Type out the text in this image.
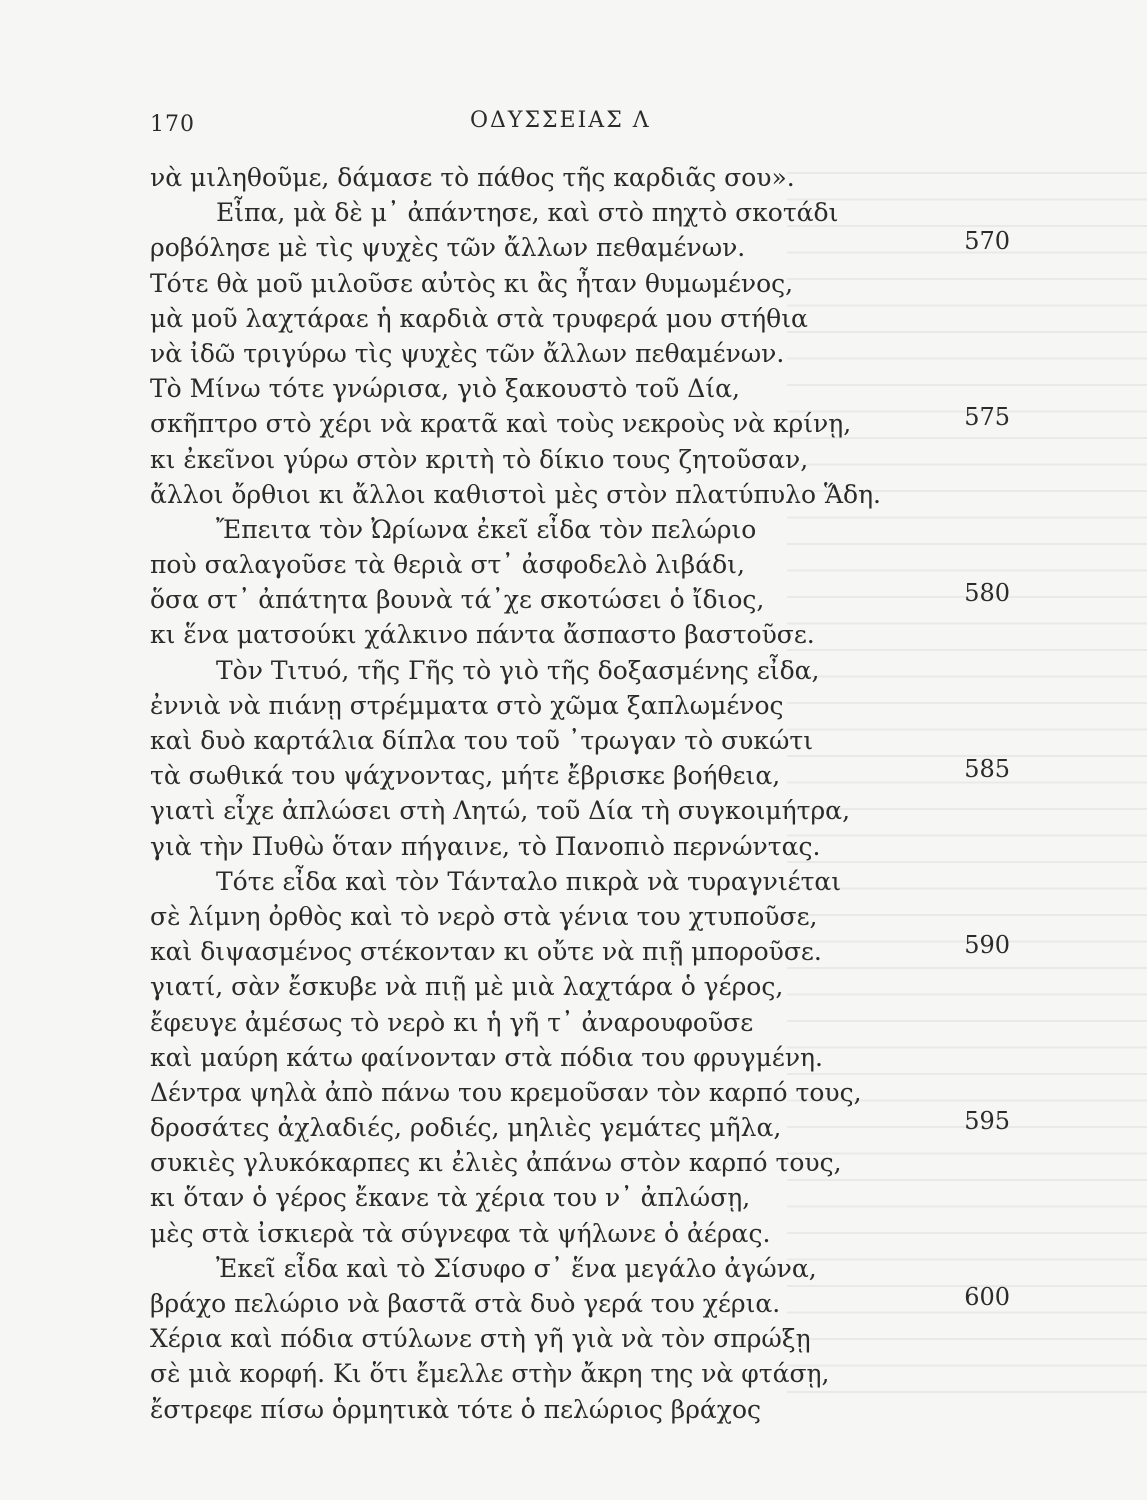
170	ΟΔΥΣΣΕΙΑΣ Λ
νὰ μιληθοῦμε, δάμασε τὸ πάθος τῆς καρδιᾶς σου».
Εἶπα, μὰ δὲ μ᾽ ἀπάντησε, καὶ στὸ πηχτὸ σκοτάδι
ροβόλησε μὲ τὶς ψυχὲς τῶν ἄλλων πεθαμένων.	570
Τότε θὰ μοῦ μιλοῦσε αὐτὸς κι ἂς ἦταν θυμωμένος,
μὰ μοῦ λαχτάραε ἡ καρδιὰ στὰ τρυφερά μου στήθια
νὰ ἰδῶ τριγύρω τὶς ψυχὲς τῶν ἄλλων πεθαμένων.
Τὸ Μίνω τότε γνώρισα, γιὸ ξακουστὸ τοῦ Δία,
σκῆπτρο στὸ χέρι νὰ κρατᾶ καὶ τοὺς νεκροὺς νὰ κρίνῃ,	575
κι ἐκεῖνοι γύρω στὸν κριτὴ τὸ δίκιο τους ζητοῦσαν,
ἄλλοι ὄρθιοι κι ἄλλοι καθιστοὶ μὲς στὸν πλατύπυλο Ἅδη.
Ἔπειτα τὸν Ὠρίωνα ἐκεῖ εἶδα τὸν πελώριο
ποὺ σαλαγοῦσε τὰ θεριὰ στ᾽ ἀσφοδελὸ λιβάδι,
ὅσα στ᾽ ἀπάτητα βουνὰ τά᾽χε σκοτώσει ὁ ἴδιος,	580
κι ἕνα ματσούκι χάλκινο πάντα ἄσπαστο βαστοῦσε.
Τὸν Τιτυό, τῆς Γῆς τὸ γιὸ τῆς δοξασμένης εἶδα,
ἐννιὰ νὰ πιάνῃ στρέμματα στὸ χῶμα ξαπλωμένος
καὶ δυὸ καρτάλια δίπλα του τοῦ ᾽τρωγαν τὸ συκώτι
τὰ σωθικά του ψάχνοντας, μήτε ἔβρισκε βοήθεια,	585
γιατὶ εἶχε ἀπλώσει στὴ Λητώ, τοῦ Δία τὴ συγκοιμήτρα,
γιὰ τὴν Πυθὼ ὅταν πήγαινε, τὸ Πανοπιὸ περνώντας.
Τότε εἶδα καὶ τὸν Τάνταλο πικρὰ νὰ τυραγνιέται
σὲ λίμνη ὀρθὸς καὶ τὸ νερὸ στὰ γένια του χτυποῦσε,
καὶ διψασμένος στέκονταν κι οὔτε νὰ πιῇ μποροῦσε.	590
γιατί, σὰν ἔσκυβε νὰ πιῇ μὲ μιὰ λαχτάρα ὁ γέρος,
ἔφευγε ἀμέσως τὸ νερὸ κι ἡ γῆ τ᾽ ἀναρουφοῦσε
καὶ μαύρη κάτω φαίνονταν στὰ πόδια του φρυγμένη.
Δέντρα ψηλὰ ἀπὸ πάνω του κρεμοῦσαν τὸν καρπό τους,
δροσάτες ἀχλαδιές, ροδιές, μηλιὲς γεμάτες μῆλα,	595
συκιὲς γλυκόκαρπες κι ἐλιὲς ἀπάνω στὸν καρπό τους,
κι ὅταν ὁ γέρος ἔκανε τὰ χέρια του ν᾽ ἀπλώσῃ,
μὲς στὰ ἰσκιερὰ τὰ σύγνεφα τὰ ψήλωνε ὁ ἀέρας.
Ἐκεῖ εἶδα καὶ τὸ Σίσυφο σ᾽ ἕνα μεγάλο ἀγώνα,
βράχο πελώριο νὰ βαστᾶ στὰ δυὸ γερά του χέρια.	600
Χέρια καὶ πόδια στύλωνε στὴ γῆ γιὰ νὰ τὸν σπρώξῃ
σὲ μιὰ κορφή. Κι ὅτι ἔμελλε στὴν ἄκρη της νὰ φτάσῃ,
ἔστρεφε πίσω ὁρμητικὰ τότε ὁ πελώριος βράχος
